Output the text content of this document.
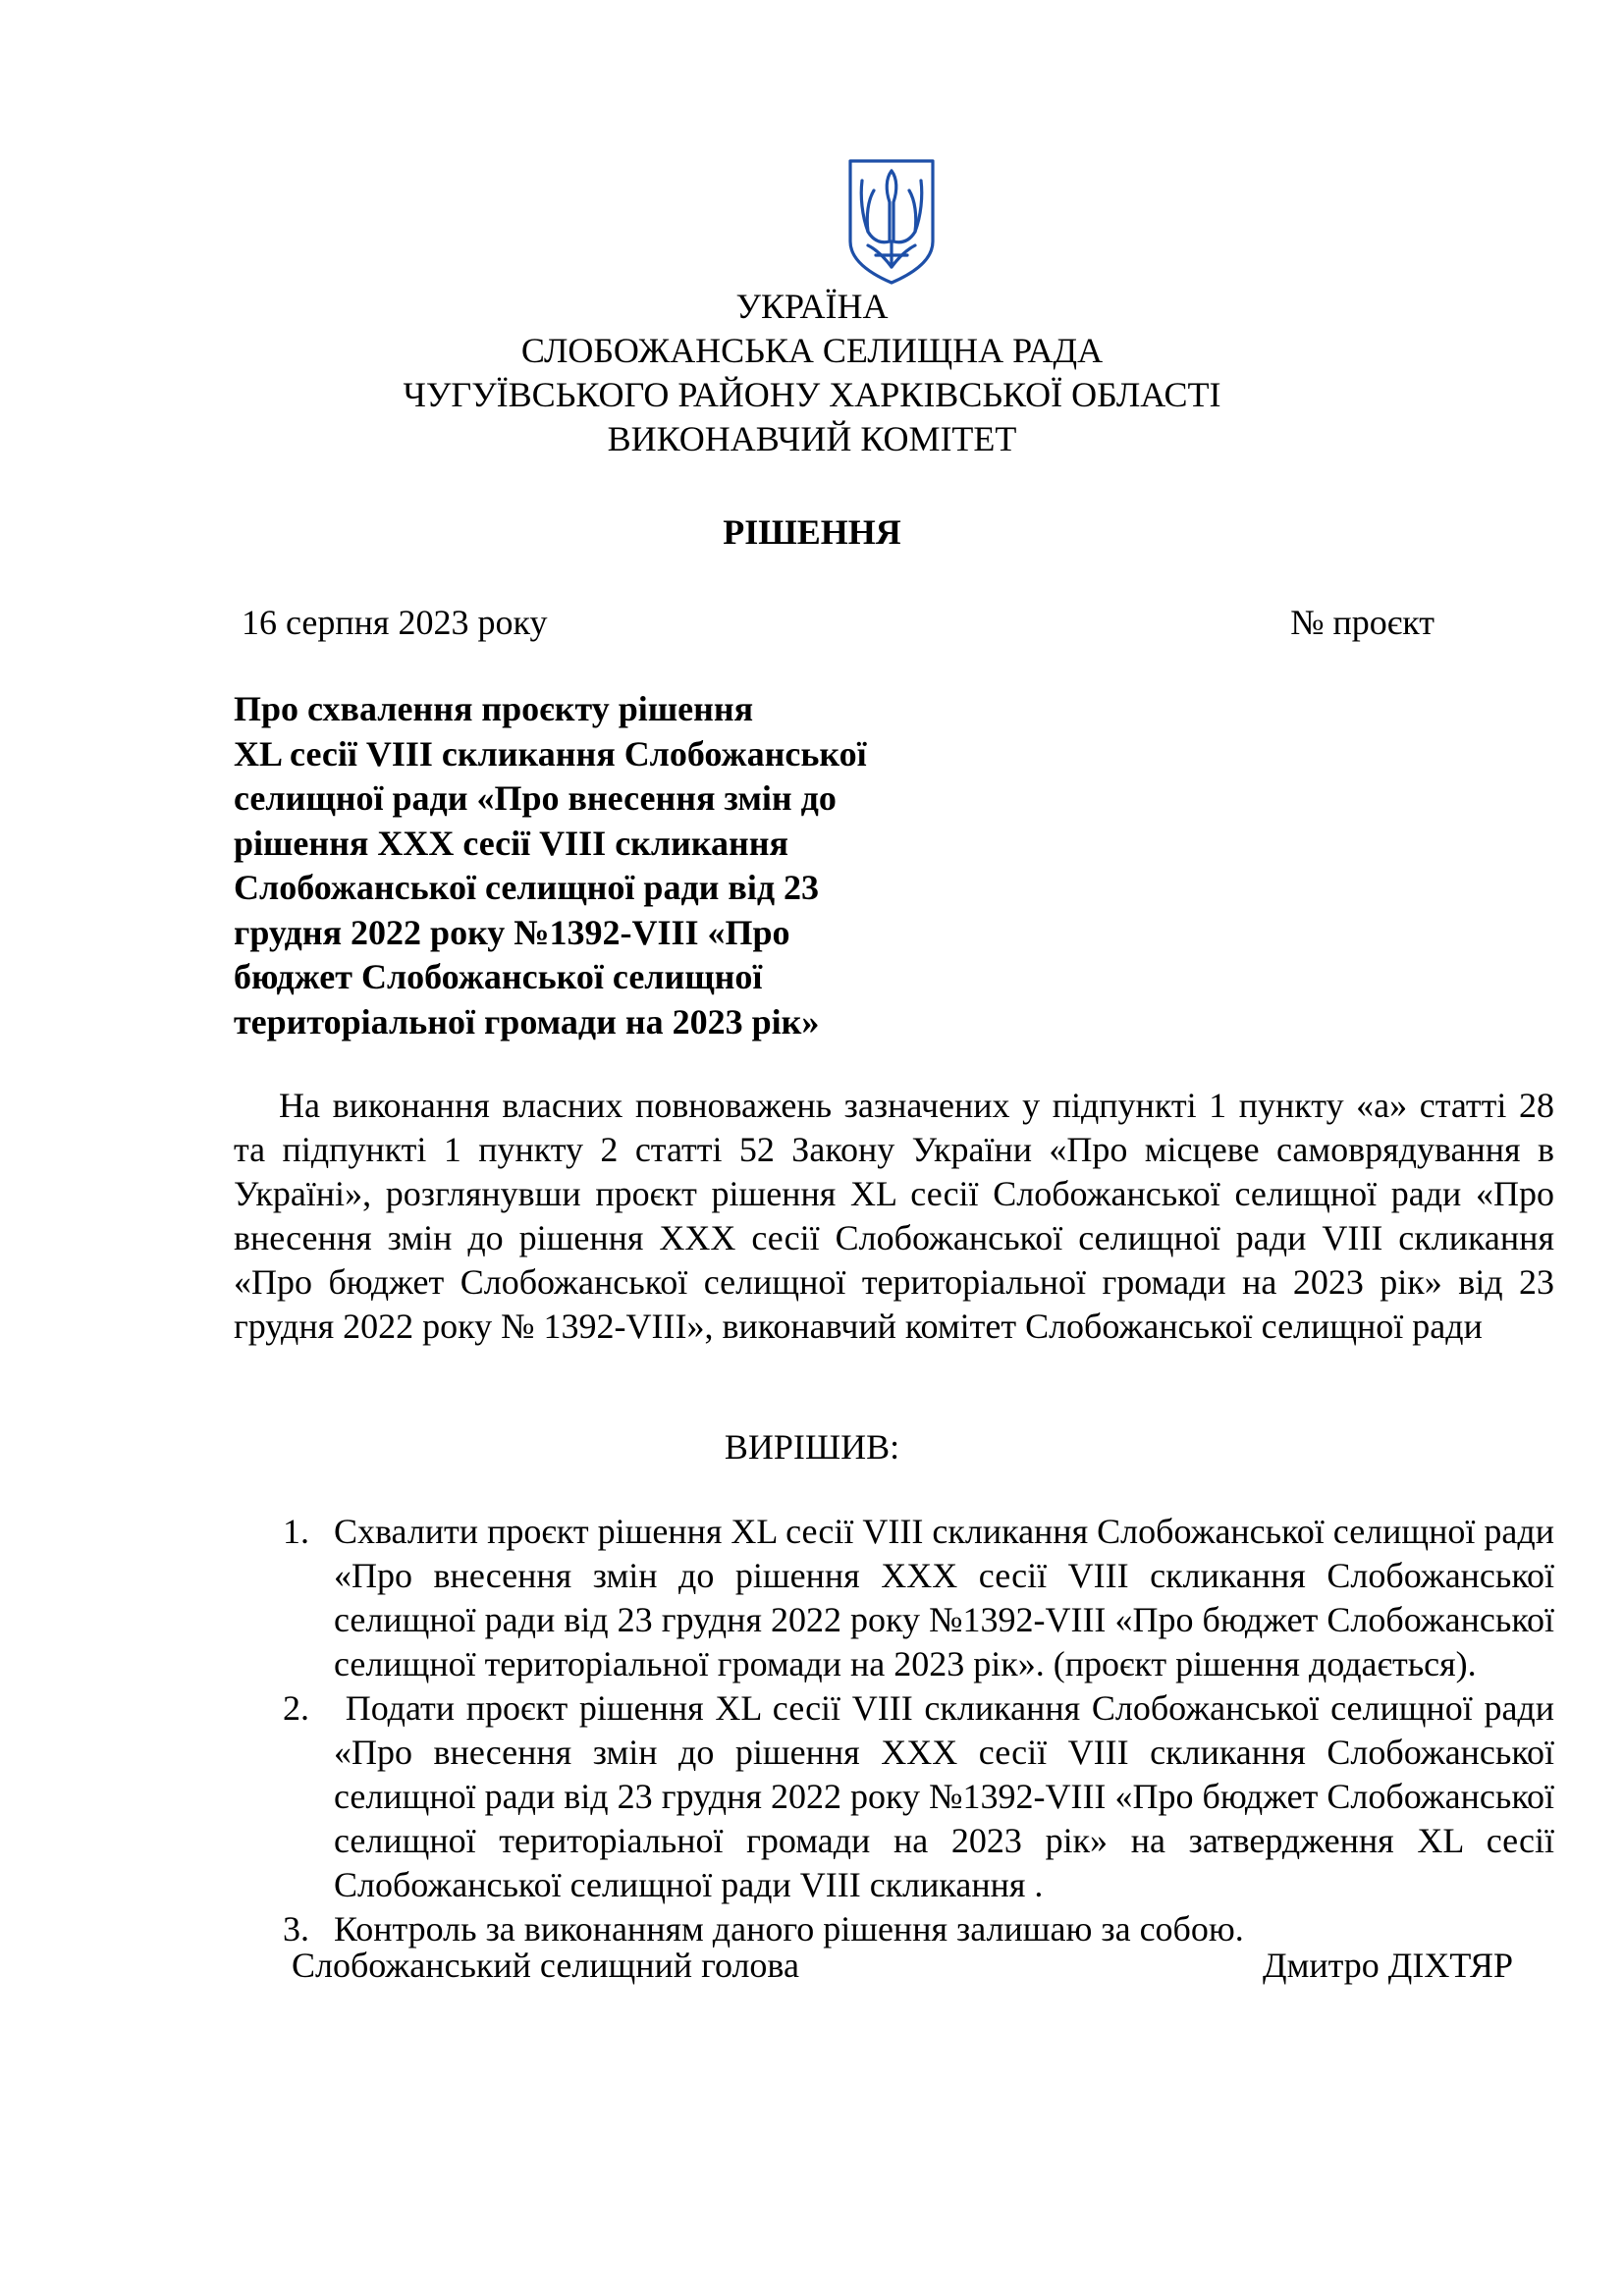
УКРАЇНА
СЛОБОЖАНСЬКА СЕЛИЩНА РАДА
ЧУГУЇВСЬКОГО РАЙОНУ ХАРКІВСЬКОЇ ОБЛАСТІ
ВИКОНАВЧИЙ КОМІТЕТ
РІШЕННЯ
16 серпня 2023 року	№ проєкт
Про схвалення проєкту рішення
XL сесії VIII скликання Слобожанської
селищної ради «Про внесення змін до
рішення XXX сесії VIII скликання
Слобожанської селищної ради від 23
грудня 2022 року №1392-VIII «Про
бюджет Слобожанської селищної
територіальної громади на 2023 рік»

На виконання власних повноважень зазначених у підпункті 1 пункту «а» статті 28 та підпункті 1 пункту 2 статті 52 Закону України «Про місцеве самоврядування в Україні», розглянувши проєкт рішення XL сесії Слобожанської селищної ради «Про внесення змін до рішення XXX сесії Слобожанської селищної ради VIII скликання «Про бюджет Слобожанської селищної територіальної громади на 2023 рік» від 23 грудня 2022 року № 1392-VIII», виконавчий комітет Слобожанської селищної ради

ВИРІШИВ:

1. Схвалити проєкт рішення XL сесії VIII скликання Слобожанської селищної ради «Про внесення змін до рішення XXX сесії VIII скликання Слобожанської селищної ради від 23 грудня 2022 року №1392-VIII «Про бюджет Слобожанської селищної територіальної громади на 2023 рік». (проєкт рішення додається).

2. Подати проєкт рішення XL сесії VIII скликання Слобожанської селищної ради «Про внесення змін до рішення XXX сесії VIII скликання Слобожанської селищної ради від 23 грудня 2022 року №1392-VIII «Про бюджет Слобожанської селищної територіальної громади на 2023 рік» на затвердження XL сесії Слобожанської селищної ради VIII скликання .

3. Контроль за виконанням даного рішення залишаю за собою.

Слобожанський селищний голова	Дмитро ДІХТЯР
